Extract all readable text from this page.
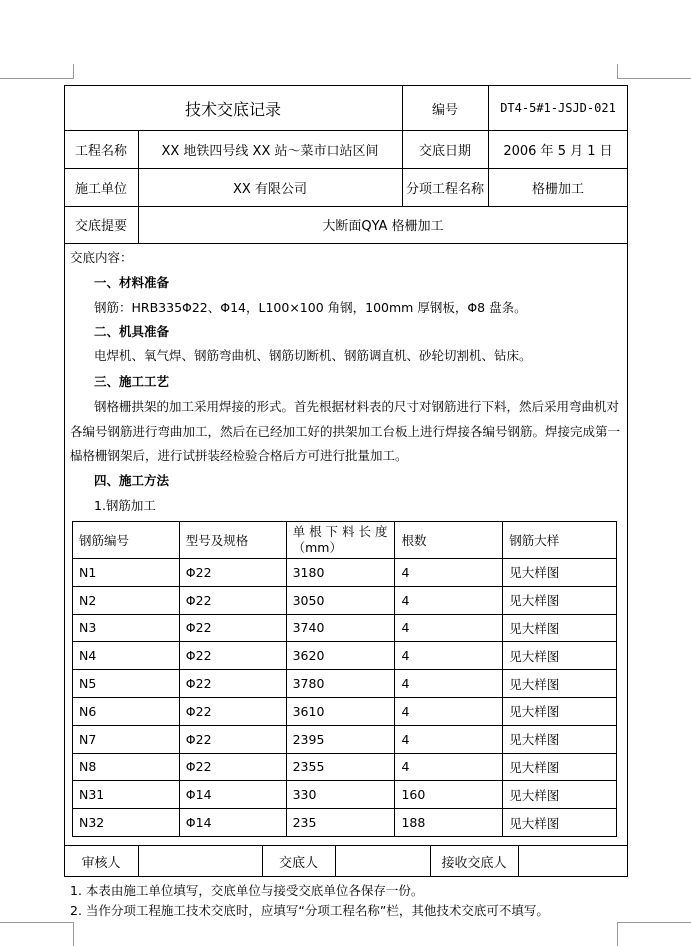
技术交底记录	编号	DT4-5#1-JSJD-021
工程名称	XX 地铁四号线 XX 站～菜市口站区间	交底日期	2006 年 5 月 1 日
施工单位	XX 有限公司	分项工程名称	格栅加工
交底提要	大断面QYA 格栅加工
交底内容：
一、材料准备
钢筋：HRB335Φ22、Φ14，L100×100 角钢，100mm 厚钢板，Φ8 盘条。
二、机具准备
电焊机、氧气焊、钢筋弯曲机、钢筋切断机、钢筋调直机、砂轮切割机、钻床。
三、施工工艺
钢格栅拱架的加工采用焊接的形式。首先根据材料表的尺寸对钢筋进行下料，然后采用弯曲机对
各编号钢筋进行弯曲加工，然后在已经加工好的拱架加工台板上进行焊接各编号钢筋。焊接完成第一
榀格栅钢架后，进行试拼装经检验合格后方可进行批量加工。
四、施工方法
1.钢筋加工
钢筋编号	型号及规格	单 根 下 料 长 度
（mm）	根数	钢筋大样
N1	Φ22	3180	4	见大样图
N2	Φ22	3050	4	见大样图
N3	Φ22	3740	4	见大样图
N4	Φ22	3620	4	见大样图
N5	Φ22	3780	4	见大样图
N6	Φ22	3610	4	见大样图
N7	Φ22	2395	4	见大样图
N8	Φ22	2355	4	见大样图
N31	Φ14	330	160	见大样图
N32	Φ14	235	188	见大样图
审核人	交底人	接收交底人
1. 本表由施工单位填写，交底单位与接受交底单位各保存一份。
2. 当作分项工程施工技术交底时，应填写“分项工程名称”栏，其他技术交底可不填写。
